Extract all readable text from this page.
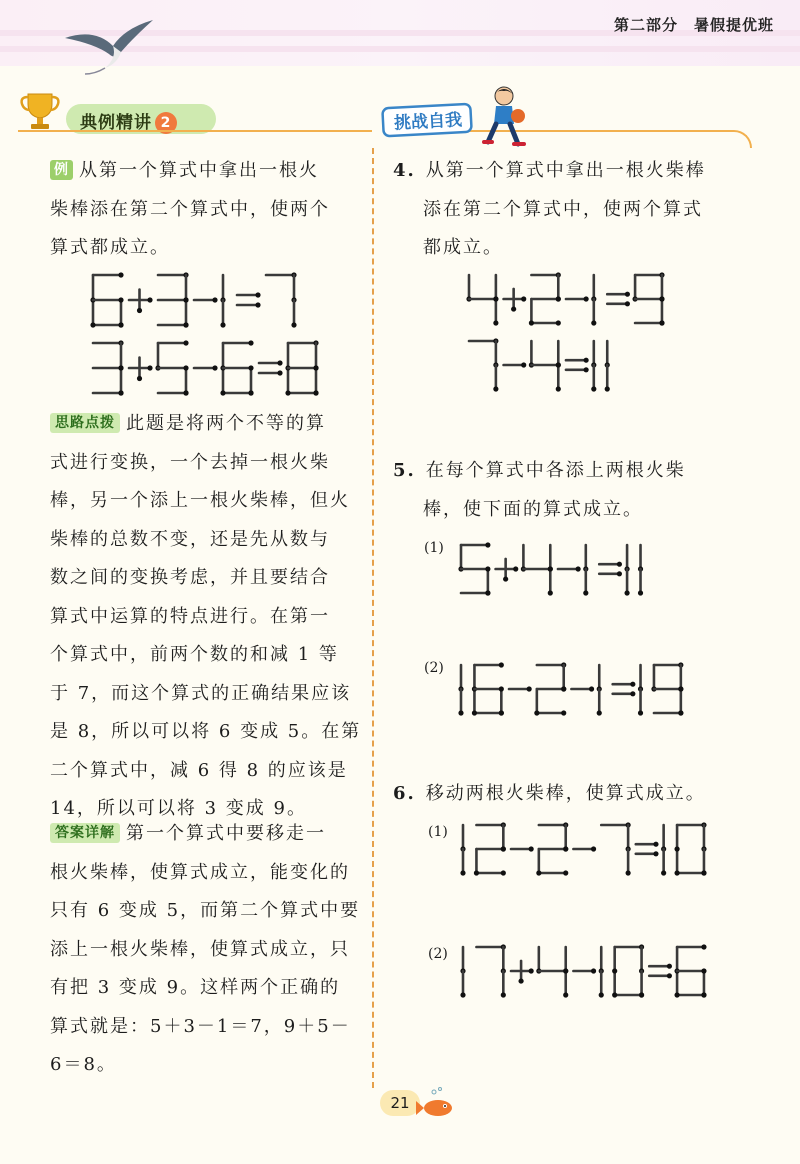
第二部分　暑假提优班
典例精讲 2	挑战自我
例 从第一个算式中拿出一根火
柴棒添在第二个算式中，使两个
算式都成立。
思路点拨 此题是将两个不等的算
式进行变换，一个去掉一根火柴
棒，另一个添上一根火柴棒，但火
柴棒的总数不变，还是先从数与
数之间的变换考虑，并且要结合
算式中运算的特点进行。在第一
个算式中，前两个数的和减 1 等
于 7，而这个算式的正确结果应该
是 8，所以可以将 6 变成 5。在第
二个算式中，减 6 得 8 的应该是
14，所以可以将 3 变成 9。
答案详解 第一个算式中要移走一
根火柴棒，使算式成立，能变化的
只有 6 变成 5，而第二个算式中要
添上一根火柴棒，使算式成立，只
有把 3 变成 9。这样两个正确的
算式就是：5＋3－1＝7，9＋5－
6＝8。
4. 从第一个算式中拿出一根火柴棒
添在第二个算式中，使两个算式
都成立。
5. 在每个算式中各添上两根火柴
棒，使下面的算式成立。
(1)
(2)
6. 移动两根火柴棒，使算式成立。
(1)
(2)
21
